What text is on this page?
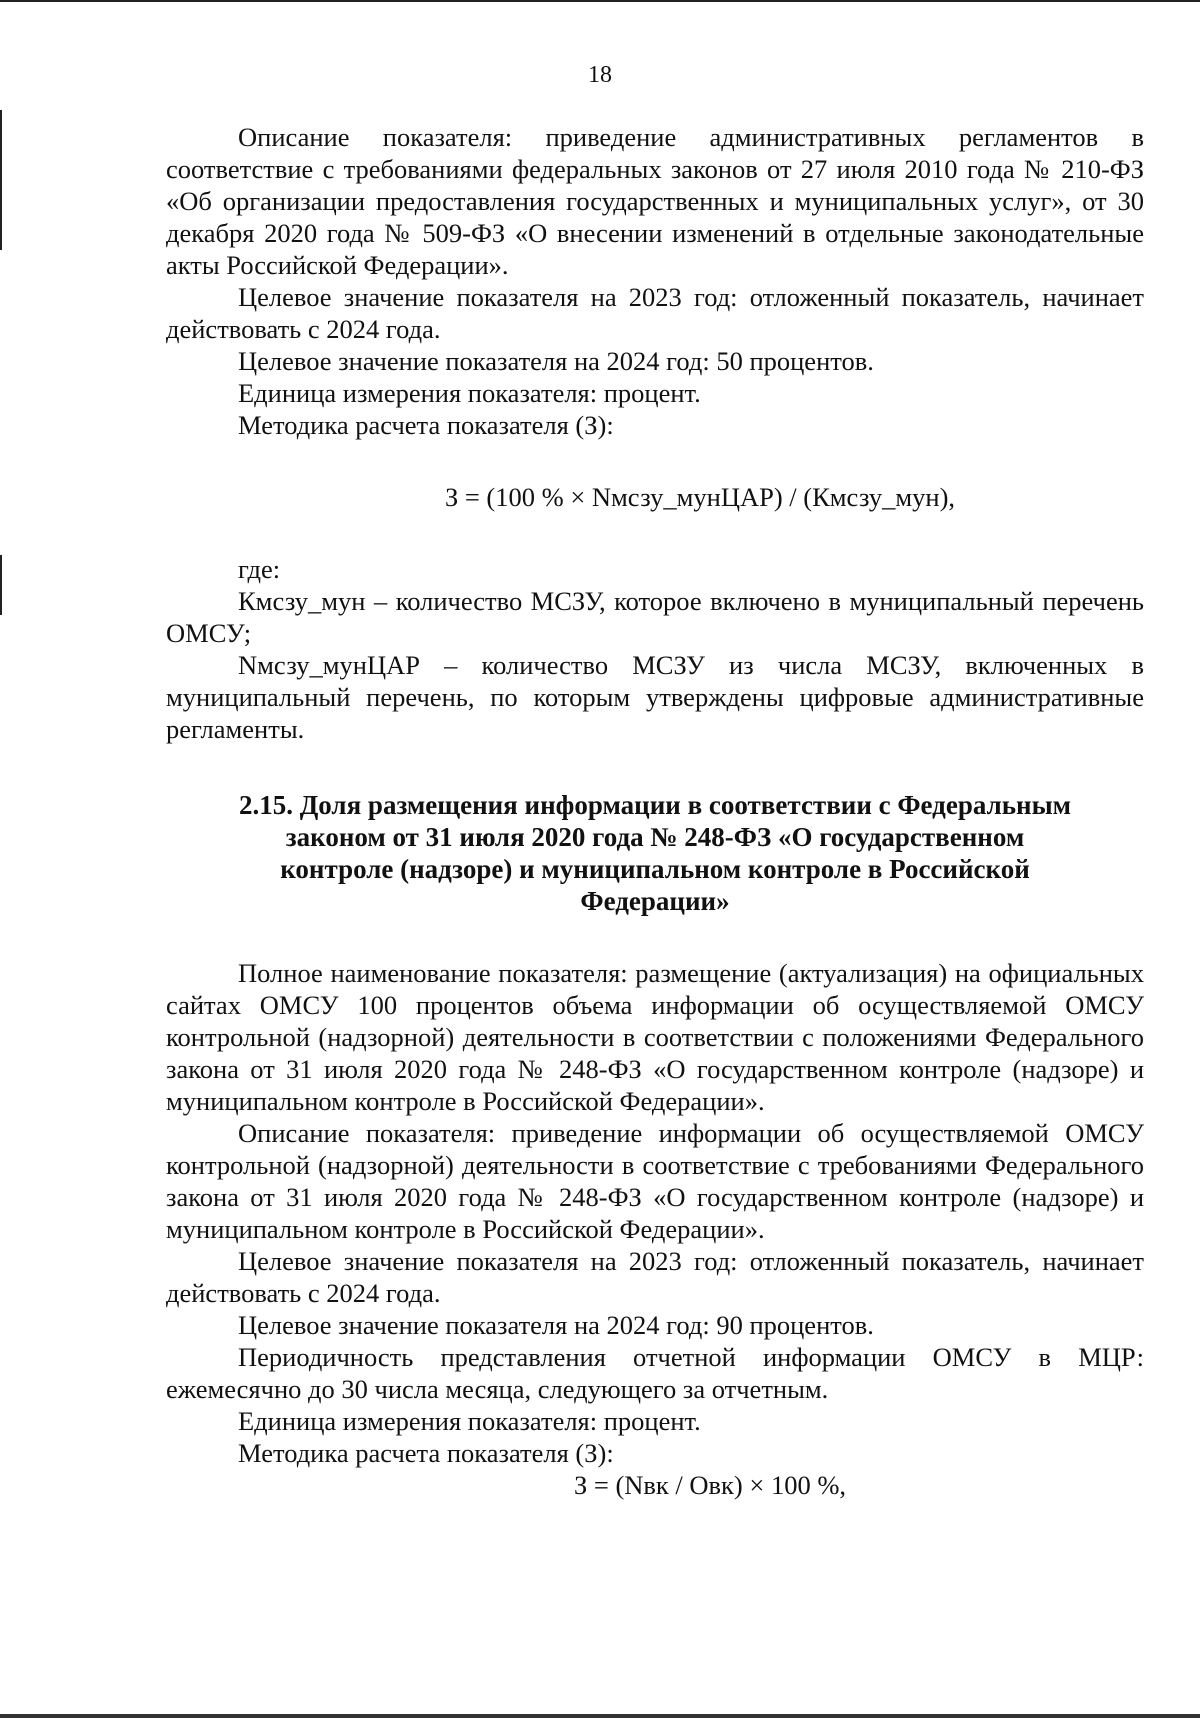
18

Описание показателя: приведение административных регламентов в соответствие с требованиями федеральных законов от 27 июля 2010 года № 210-ФЗ «Об организации предоставления государственных и муниципальных услуг», от 30 декабря 2020 года № 509-ФЗ «О внесении изменений в отдельные законодательные акты Российской Федерации».

Целевое значение показателя на 2023 год: отложенный показатель, начинает действовать с 2024 года.

Целевое значение показателя на 2024 год: 50 процентов.

Единица измерения показателя: процент.

Методика расчета показателя (З):

З = (100 % × Nмсзу_мунЦАР) / (Кмсзу_мун),

где:

Кмсзу_мун – количество МСЗУ, которое включено в муниципальный перечень ОМСУ;

Nмсзу_мунЦАР – количество МСЗУ из числа МСЗУ, включенных в муниципальный перечень, по которым утверждены цифровые административные регламенты.

2.15. Доля размещения информации в соответствии с Федеральным
законом от 31 июля 2020 года № 248-ФЗ «О государственном
контроле (надзоре) и муниципальном контроле в Российской
Федерации»

Полное наименование показателя: размещение (актуализация) на официальных сайтах ОМСУ 100 процентов объема информации об осуществляемой ОМСУ контрольной (надзорной) деятельности в соответствии с положениями Федерального закона от 31 июля 2020 года № 248-ФЗ «О государственном контроле (надзоре) и муниципальном контроле в Российской Федерации».

Описание показателя: приведение информации об осуществляемой ОМСУ контрольной (надзорной) деятельности в соответствие с требованиями Федерального закона от 31 июля 2020 года № 248-ФЗ «О государственном контроле (надзоре) и муниципальном контроле в Российской Федерации».

Целевое значение показателя на 2023 год: отложенный показатель, начинает действовать с 2024 года.

Целевое значение показателя на 2024 год: 90 процентов.

Периодичность представления отчетной информации ОМСУ в МЦР: ежемесячно до 30 числа месяца, следующего за отчетным.

Единица измерения показателя: процент.

Методика расчета показателя (З):

З = (Nвк / Овк) × 100 %,
